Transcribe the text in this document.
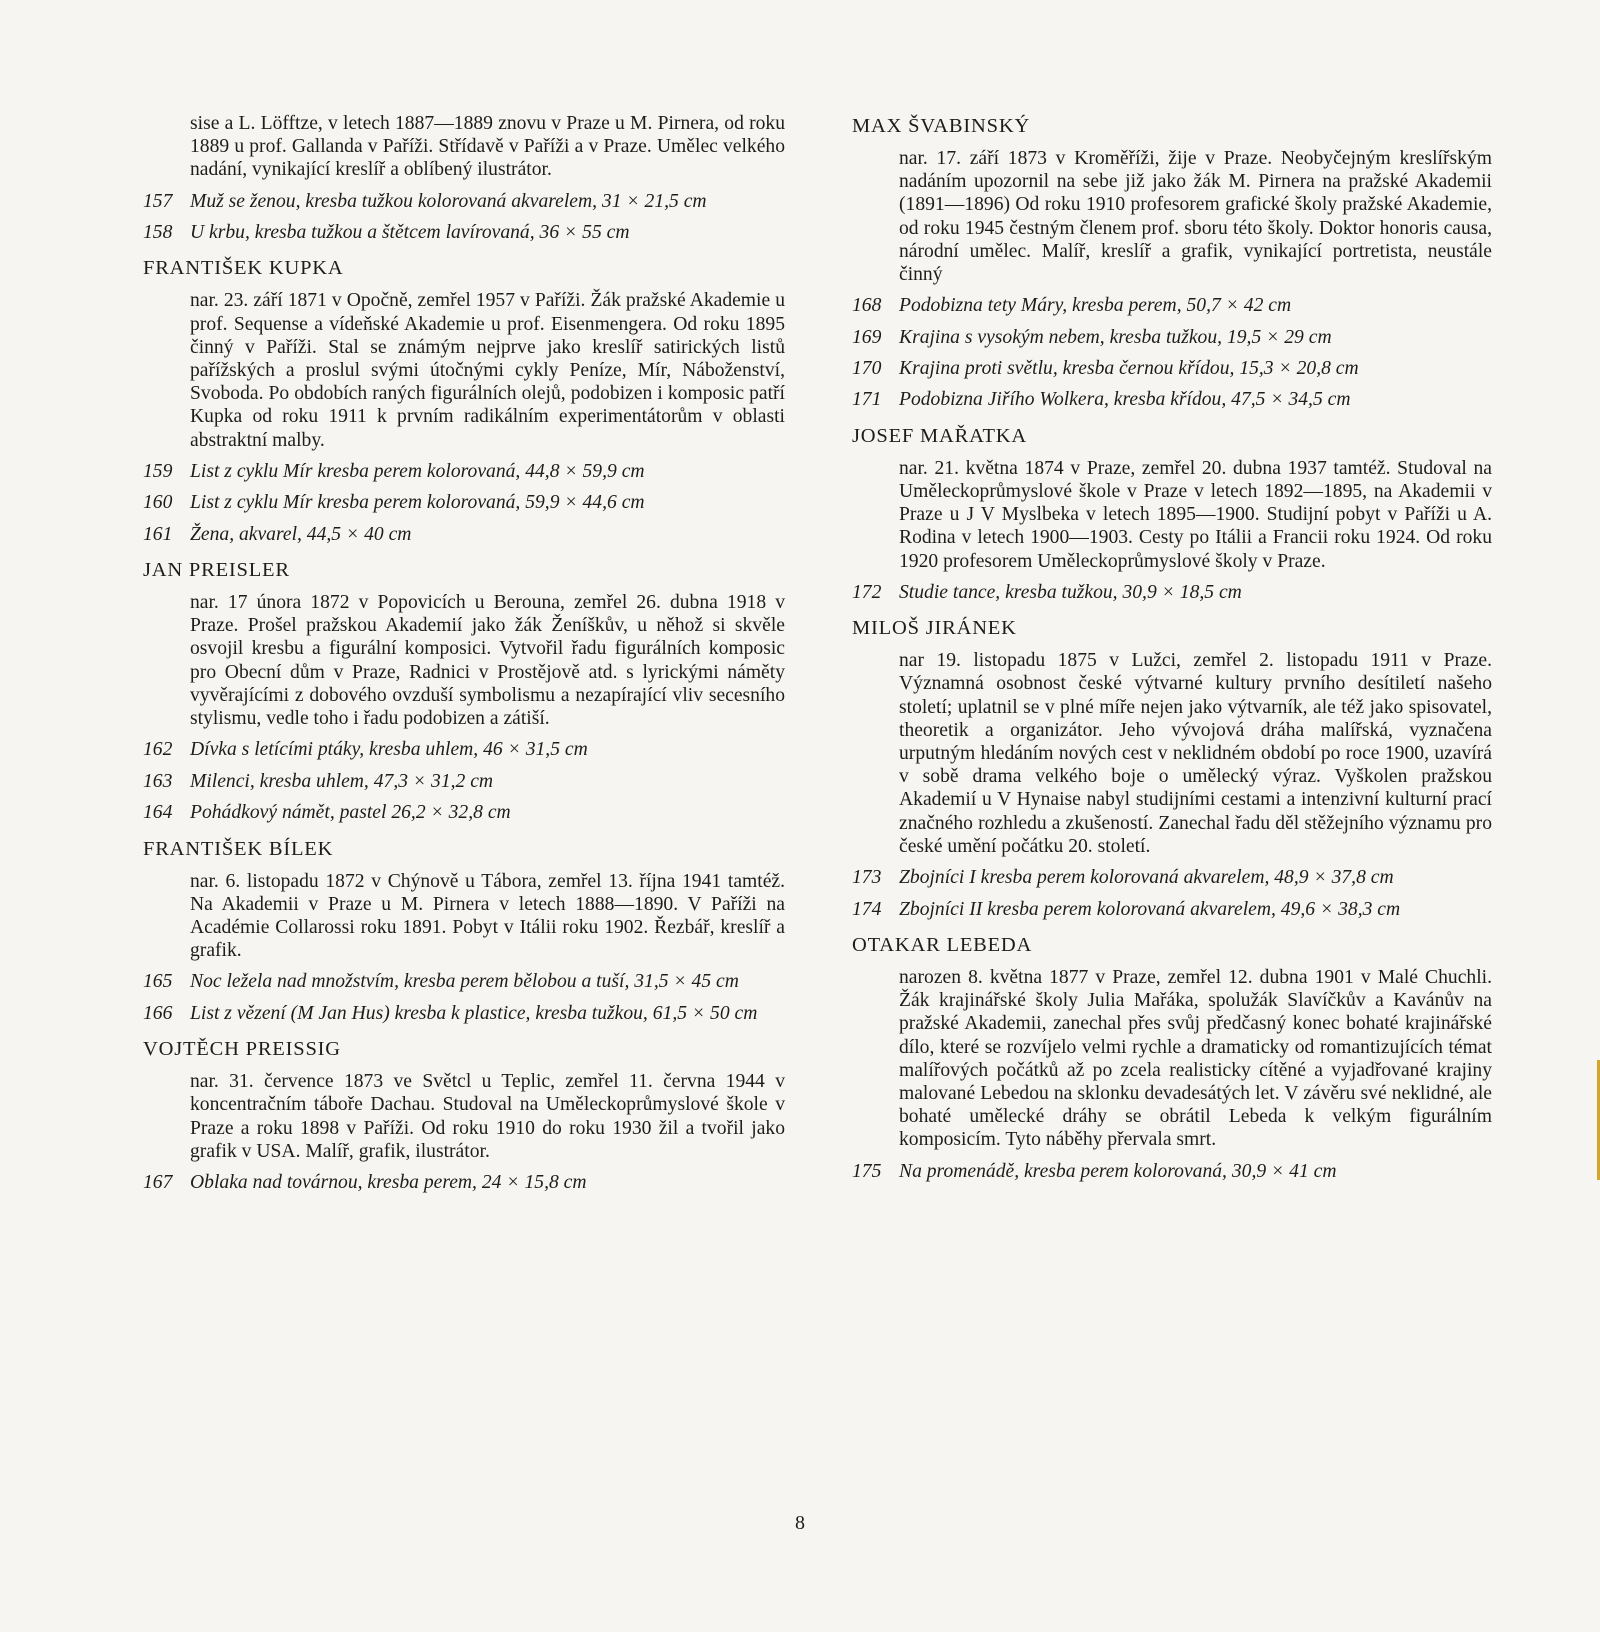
sise a L. Löfftze, v letech 1887—1889 znovu v Praze u M. Pirnera, od roku 1889 u prof. Gallanda v Paříži. Střídavě v Paříži a v Praze. Umělec velkého nadání, vynikající kreslíř a oblíbený ilustrátor.

157 Muž se ženou, kresba tužkou kolorovaná akvarelem, 31 × 21,5 cm
158 U krbu, kresba tužkou a štětcem lavírovaná, 36 × 55 cm
FRANTIŠEK KUPKA

nar. 23. září 1871 v Opočně, zemřel 1957 v Paříži. Žák pražské Akademie u prof. Sequense a vídeňské Akademie u prof. Eisenmengera. Od roku 1895 činný v Paříži. Stal se známým nejprve jako kreslíř satirických listů pařížských a proslul svými útočnými cykly Peníze, Mír, Náboženství, Svoboda. Po obdobích raných figurálních olejů, podobizen i komposic patří Kupka od roku 1911 k prvním radikálním experimentátorům v oblasti abstraktní malby.

159 List z cyklu Mír kresba perem kolorovaná, 44,8 × 59,9 cm
160 List z cyklu Mír kresba perem kolorovaná, 59,9 × 44,6 cm
161 Žena, akvarel, 44,5 × 40 cm
JAN PREISLER

nar. 17 února 1872 v Popovicích u Berouna, zemřel 26. dubna 1918 v Praze. Prošel pražskou Akademií jako žák Ženíškův, u něhož si skvěle osvojil kresbu a figurální komposici. Vytvořil řadu figurálních komposic pro Obecní dům v Praze, Radnici v Prostějově atd. s lyrickými náměty vyvěrajícími z dobového ovzduší symbolismu a nezapírající vliv secesního stylismu, vedle toho i řadu podobizen a zátiší.

162 Dívka s letícími ptáky, kresba uhlem, 46 × 31,5 cm
163 Milenci, kresba uhlem, 47,3 × 31,2 cm
164 Pohádkový námět, pastel 26,2 × 32,8 cm
FRANTIŠEK BÍLEK

nar. 6. listopadu 1872 v Chýnově u Tábora, zemřel 13. října 1941 tamtéž. Na Akademii v Praze u M. Pirnera v letech 1888—1890. V Paříži na Académie Collarossi roku 1891. Pobyt v Itálii roku 1902. Řezbář, kreslíř a grafik.

165 Noc ležela nad množstvím, kresba perem bělobou a tuší, 31,5 × 45 cm
166 List z vězení (M Jan Hus) kresba k plastice, kresba tužkou, 61,5 × 50 cm
VOJTĚCH PREISSIG

nar. 31. července 1873 ve Světcl u Teplic, zemřel 11. června 1944 v koncentračním táboře Dachau. Studoval na Uměleckoprůmyslové škole v Praze a roku 1898 v Paříži. Od roku 1910 do roku 1930 žil a tvořil jako grafik v USA. Malíř, grafik, ilustrátor.

167 Oblaka nad továrnou, kresba perem, 24 × 15,8 cm
MAX ŠVABINSKÝ

nar. 17. září 1873 v Kroměříži, žije v Praze. Neobyčejným kreslířským nadáním upozornil na sebe již jako žák M. Pirnera na pražské Akademii (1891—1896) Od roku 1910 profesorem grafické školy pražské Akademie, od roku 1945 čestným členem prof. sboru této školy. Doktor honoris causa, národní umělec. Malíř, kreslíř a grafik, vynikající portretista, neustále činný

168 Podobizna tety Máry, kresba perem, 50,7 × 42 cm
169 Krajina s vysokým nebem, kresba tužkou, 19,5 × 29 cm
170 Krajina proti světlu, kresba černou křídou, 15,3 × 20,8 cm
171 Podobizna Jiřího Wolkera, kresba křídou, 47,5 × 34,5 cm
JOSEF MAŘATKA

nar. 21. května 1874 v Praze, zemřel 20. dubna 1937 tamtéž. Studoval na Uměleckoprůmyslové škole v Praze v letech 1892—1895, na Akademii v Praze u J V Myslbeka v letech 1895—1900. Studijní pobyt v Paříži u A. Rodina v letech 1900—1903. Cesty po Itálii a Francii roku 1924. Od roku 1920 profesorem Uměleckoprůmyslové školy v Praze.

172 Studie tance, kresba tužkou, 30,9 × 18,5 cm
MILOŠ JIRÁNEK

nar 19. listopadu 1875 v Lužci, zemřel 2. listopadu 1911 v Praze. Významná osobnost české výtvarné kultury prvního desítiletí našeho století; uplatnil se v plné míře nejen jako výtvarník, ale též jako spisovatel, theoretik a organizátor. Jeho vývojová dráha malířská, vyznačena urputným hledáním nových cest v neklidném období po roce 1900, uzavírá v sobě drama velkého boje o umělecký výraz. Vyškolen pražskou Akademií u V Hynaise nabyl studijními cestami a intenzivní kulturní prací značného rozhledu a zkušeností. Zanechal řadu děl stěžejního významu pro české umění počátku 20. století.

173 Zbojníci I kresba perem kolorovaná akvarelem, 48,9 × 37,8 cm
174 Zbojníci II kresba perem kolorovaná akvarelem, 49,6 × 38,3 cm
OTAKAR LEBEDA

narozen 8. května 1877 v Praze, zemřel 12. dubna 1901 v Malé Chuchli. Žák krajinářské školy Julia Mařáka, spolužák Slavíčkův a Kavánův na pražské Akademii, zanechal přes svůj předčasný konec bohaté krajinářské dílo, které se rozvíjelo velmi rychle a dramaticky od romantizujících témat malířových počátků až po zcela realisticky cítěné a vyjadřované krajiny malované Lebedou na sklonku devadesátých let. V závěru své neklidné, ale bohaté umělecké dráhy se obrátil Lebeda k velkým figurálním komposicím. Tyto náběhy přervala smrt.

175 Na promenádě, kresba perem kolorovaná, 30,9 × 41 cm
8
